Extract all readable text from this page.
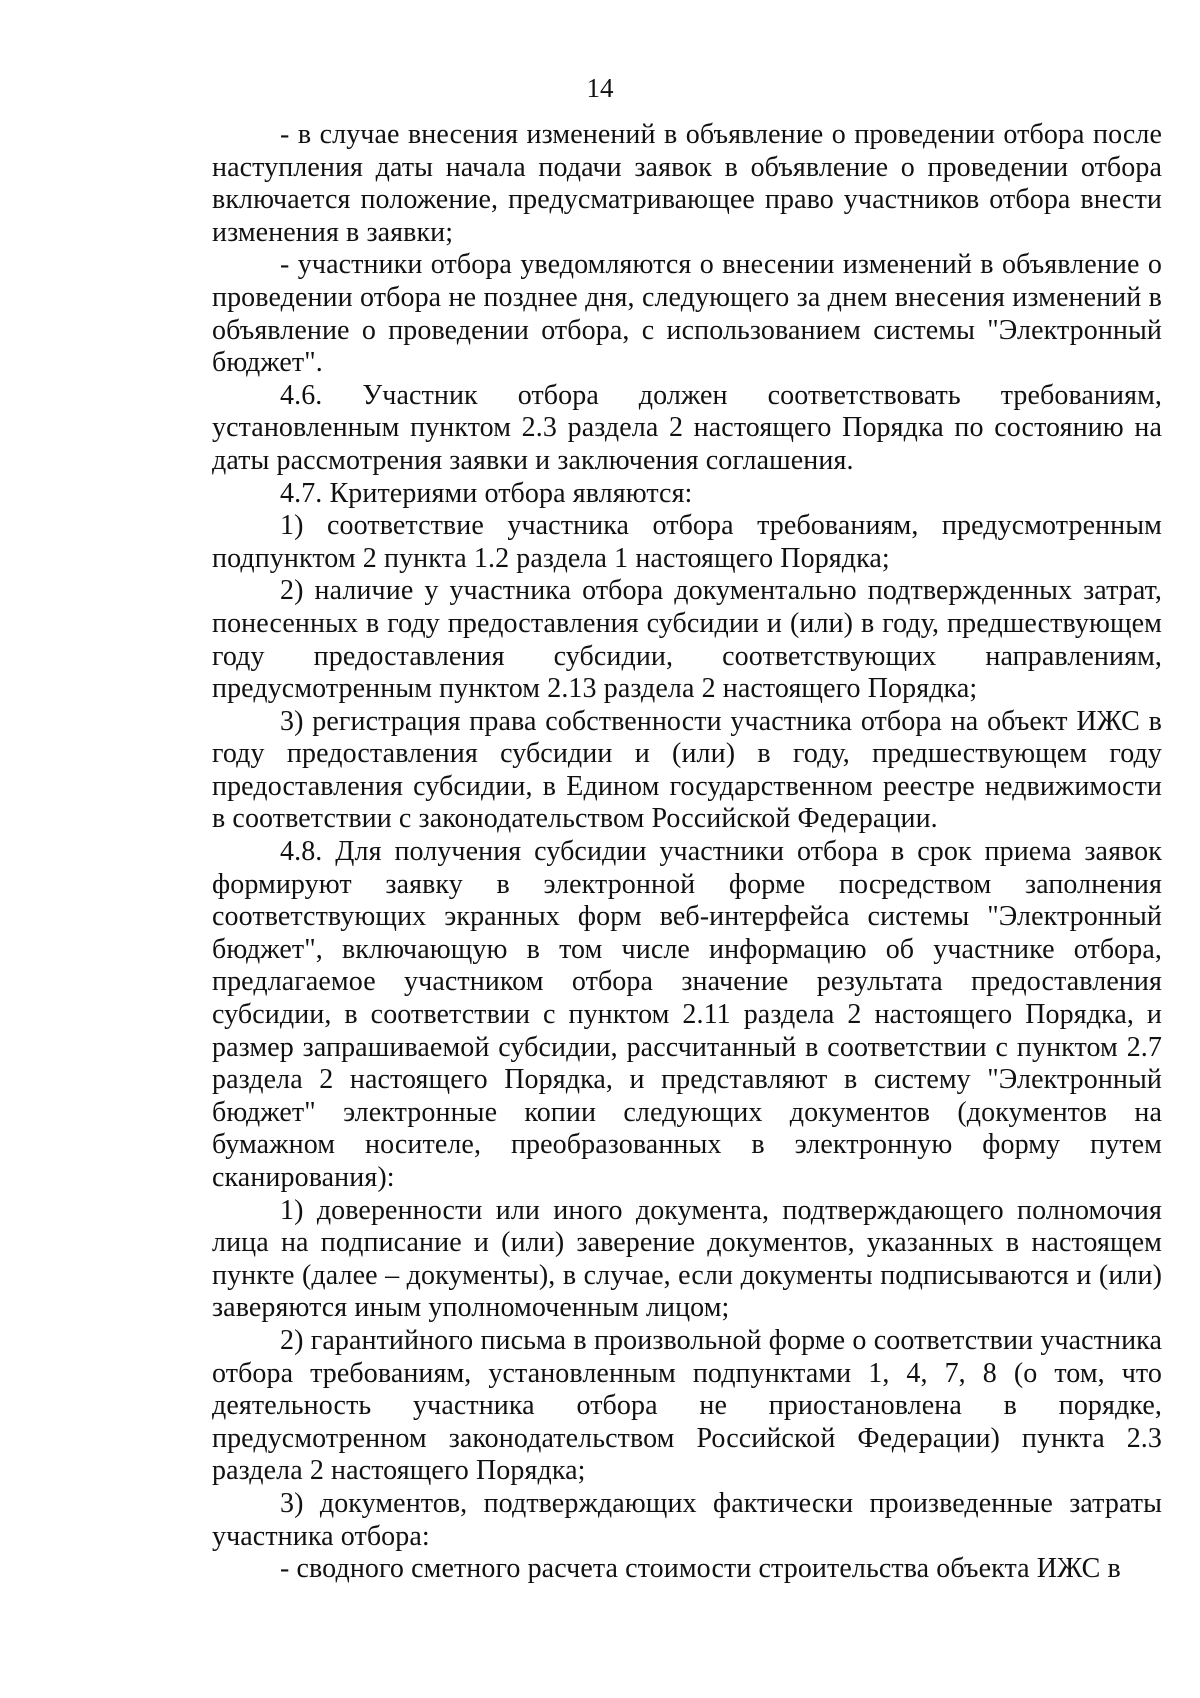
14

- в случае внесения изменений в объявление о проведении отбора после наступления даты начала подачи заявок в объявление о проведении отбора включается положение, предусматривающее право участников отбора внести изменения в заявки;

- участники отбора уведомляются о внесении изменений в объявление о проведении отбора не позднее дня, следующего за днем внесения изменений в объявление о проведении отбора, с использованием системы "Электронный бюджет".

4.6. Участник отбора должен соответствовать требованиям, установленным пунктом 2.3 раздела 2 настоящего Порядка по состоянию на даты рассмотрения заявки и заключения соглашения.

4.7. Критериями отбора являются:

1) соответствие участника отбора требованиям, предусмотренным подпунктом 2 пункта 1.2 раздела 1 настоящего Порядка;

2) наличие у участника отбора документально подтвержденных затрат, понесенных в году предоставления субсидии и (или) в году, предшествующем году предоставления субсидии, соответствующих направлениям, предусмотренным пунктом 2.13 раздела 2 настоящего Порядка;

3) регистрация права собственности участника отбора на объект ИЖС в году предоставления субсидии и (или) в году, предшествующем году предоставления субсидии, в Едином государственном реестре недвижимости в соответствии с законодательством Российской Федерации.

4.8. Для получения субсидии участники отбора в срок приема заявок формируют заявку в электронной форме посредством заполнения соответствующих экранных форм веб-интерфейса системы "Электронный бюджет", включающую в том числе информацию об участнике отбора, предлагаемое участником отбора значение результата предоставления субсидии, в соответствии с пунктом 2.11 раздела 2 настоящего Порядка, и размер запрашиваемой субсидии, рассчитанный в соответствии с пунктом 2.7 раздела 2 настоящего Порядка, и представляют в систему "Электронный бюджет" электронные копии следующих документов (документов на бумажном носителе, преобразованных в электронную форму путем сканирования):

1) доверенности или иного документа, подтверждающего полномочия лица на подписание и (или) заверение документов, указанных в настоящем пункте (далее – документы), в случае, если документы подписываются и (или) заверяются иным уполномоченным лицом;

2) гарантийного письма в произвольной форме о соответствии участника отбора требованиям, установленным подпунктами 1, 4, 7, 8 (о том, что деятельность участника отбора не приостановлена в порядке, предусмотренном законодательством Российской Федерации) пункта 2.3 раздела 2 настоящего Порядка;

3) документов, подтверждающих фактически произведенные затраты участника отбора:

- сводного сметного расчета стоимости строительства объекта ИЖС в
